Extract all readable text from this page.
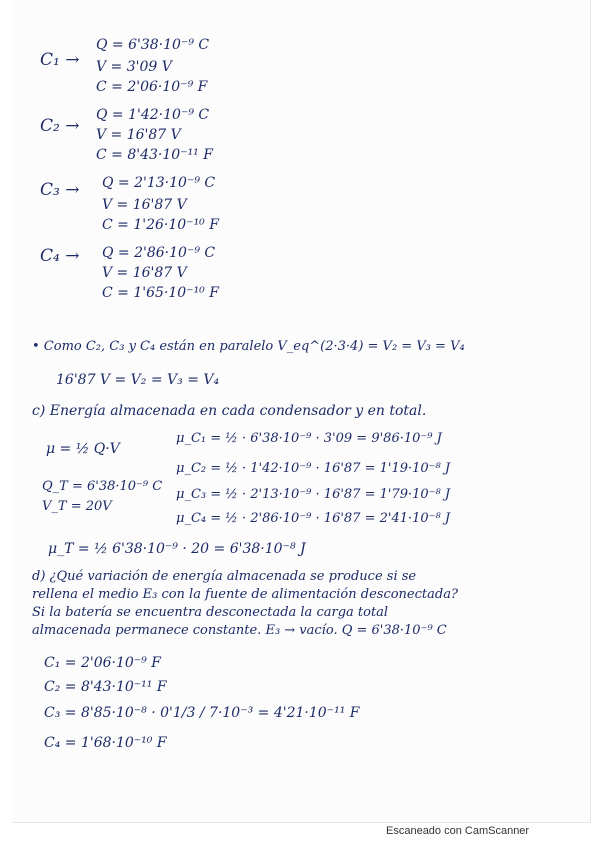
C₁ →
Q = 6'38·10⁻⁹ C
V = 3'09 V
C = 2'06·10⁻⁹ F
C₂ →
Q = 1'42·10⁻⁹ C
V = 16'87 V
C = 8'43·10⁻¹¹ F
C₃ → Q = 2'13·10⁻⁹ C
V = 16'87 V
C = 1'26·10⁻¹⁰ F
C₄ → Q = 2'86·10⁻⁹ C
V = 16'87 V
C = 1'65·10⁻¹⁰ F
• Como C₂, C₃ y C₄ están en paralelo V_eq^(2·3·4) = V₂ = V₃ = V₄
16'87 V = V₂ = V₃ = V₄
c) Energía almacenada en cada condensador y en total.
μ = ½ Q·V
Q_T = 6'38·10⁻⁹ C
V_T = 20V
μ_C₁ = ½ · 6'38·10⁻⁹ · 3'09 = 9'86·10⁻⁹ J
μ_C₂ = ½ · 1'42·10⁻⁹ · 16'87 = 1'19·10⁻⁸ J
μ_C₃ = ½ · 2'13·10⁻⁹ · 16'87 = 1'79·10⁻⁸ J
μ_C₄ = ½ · 2'86·10⁻⁹ · 16'87 = 2'41·10⁻⁸ J
μ_T = ½ 6'38·10⁻⁹ · 20 = 6'38·10⁻⁸ J
d) ¿Qué variación de energía almacenada se produce si se
rellena el medio E₃ con la fuente de alimentación desconectada?
Si la batería se encuentra desconectada la carga total
almacenada permanece constante. E₃ → vacío. Q = 6'38·10⁻⁹ C
C₁ = 2'06·10⁻⁹ F
C₂ = 8'43·10⁻¹¹ F
C₃ = 8'85·10⁻⁸ · 0'1/3 / 7·10⁻³ = 4'21·10⁻¹¹ F
C₄ = 1'68·10⁻¹⁰ F
Escaneado con CamScanner
